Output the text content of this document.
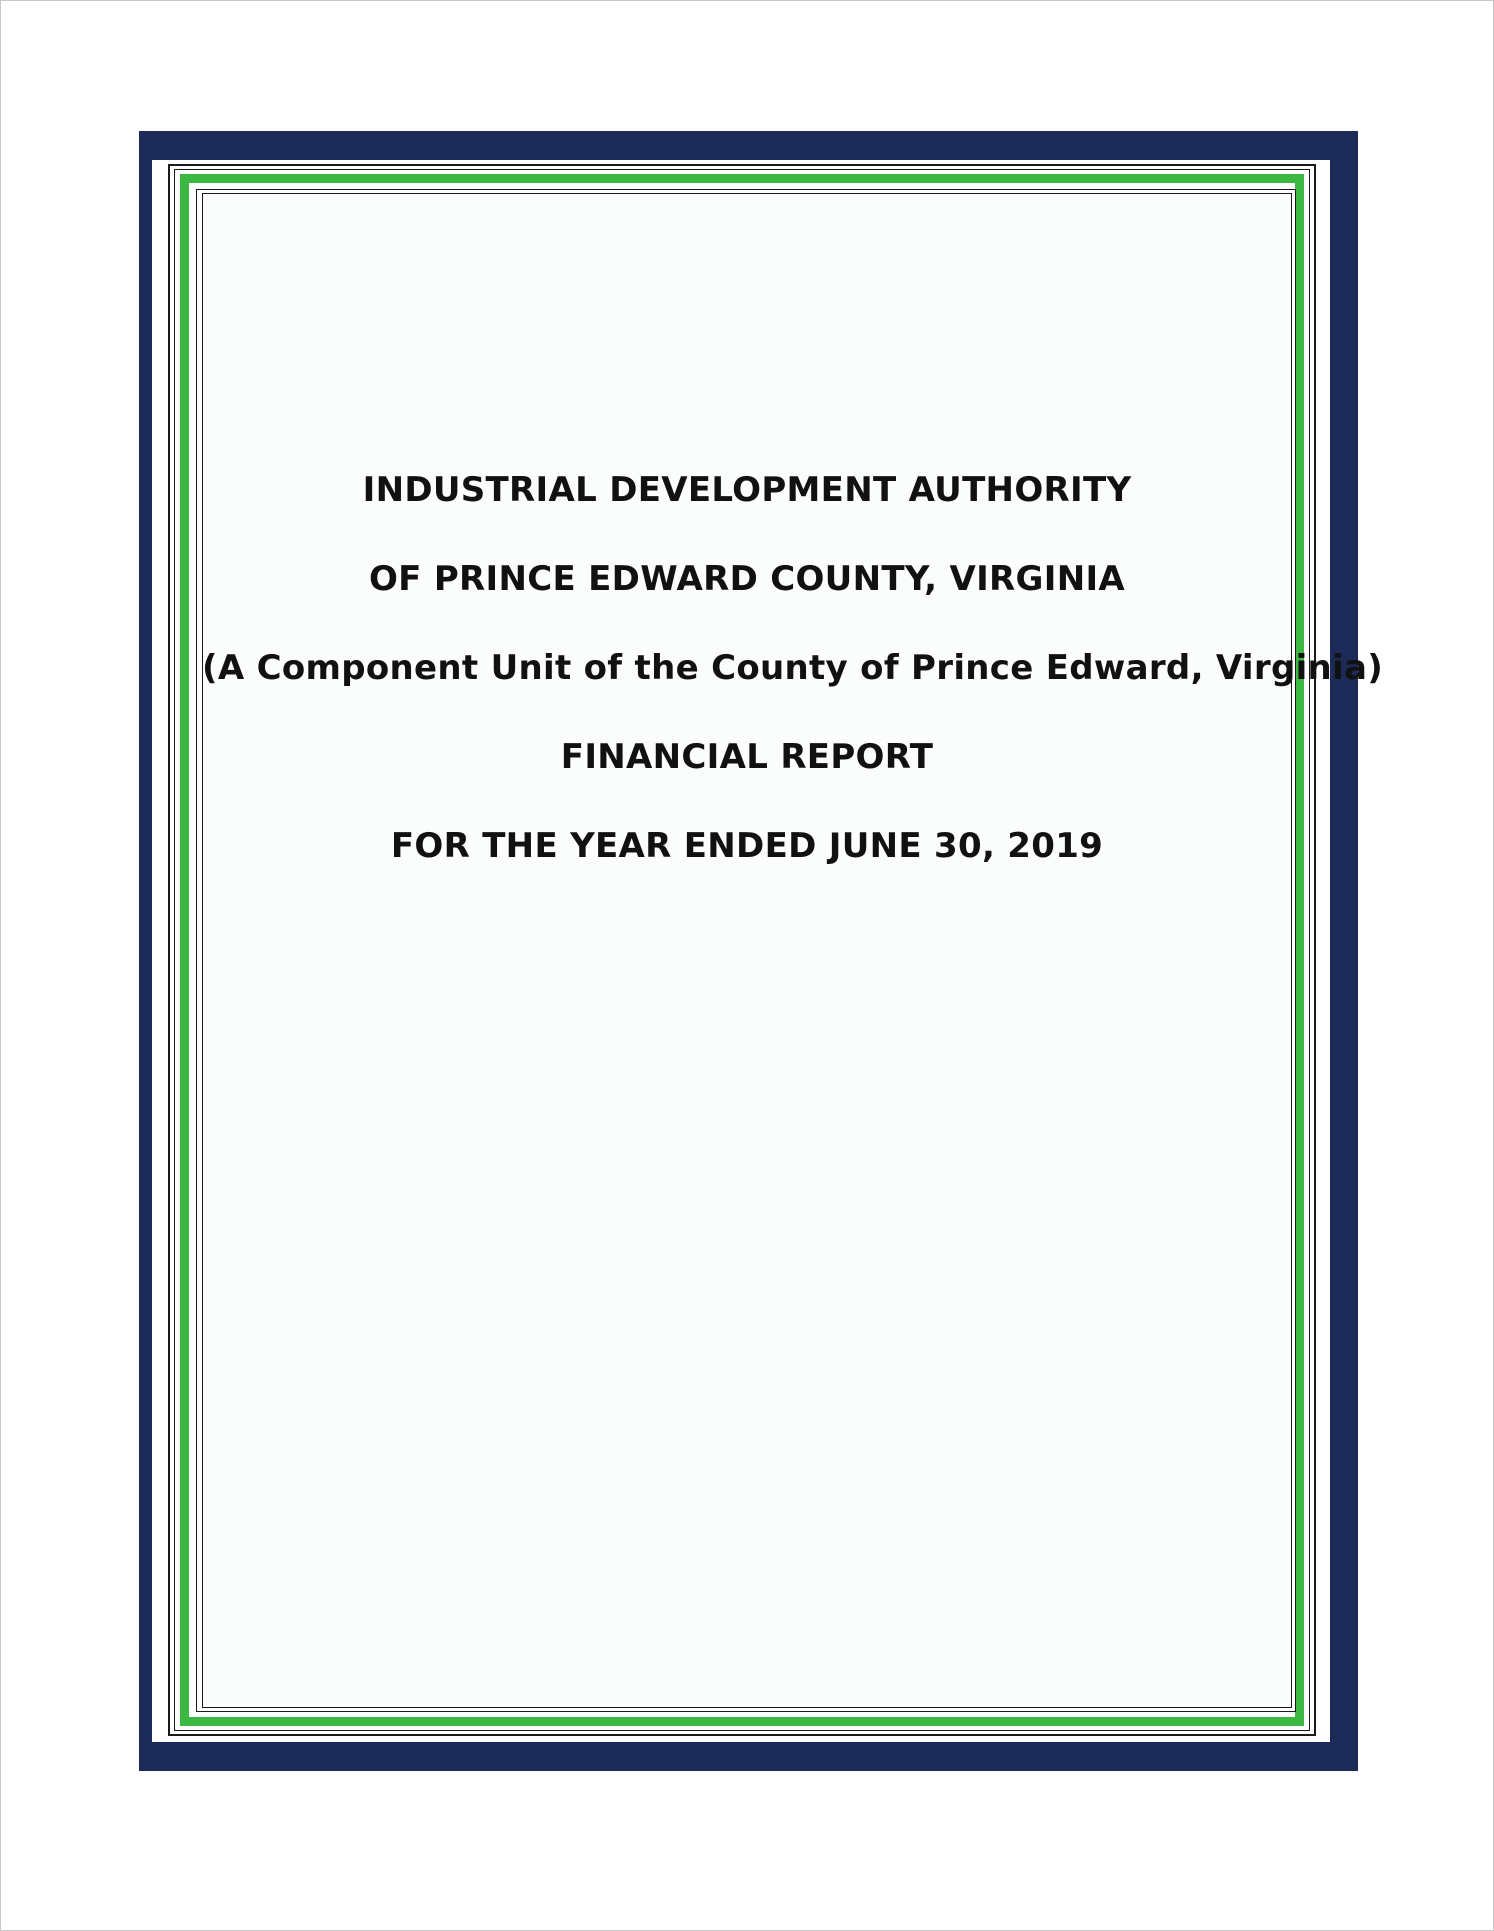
INDUSTRIAL DEVELOPMENT AUTHORITY
OF PRINCE EDWARD COUNTY, VIRGINIA
(A Component Unit of the County of Prince Edward, Virginia)
FINANCIAL REPORT
FOR THE YEAR ENDED JUNE 30, 2019
